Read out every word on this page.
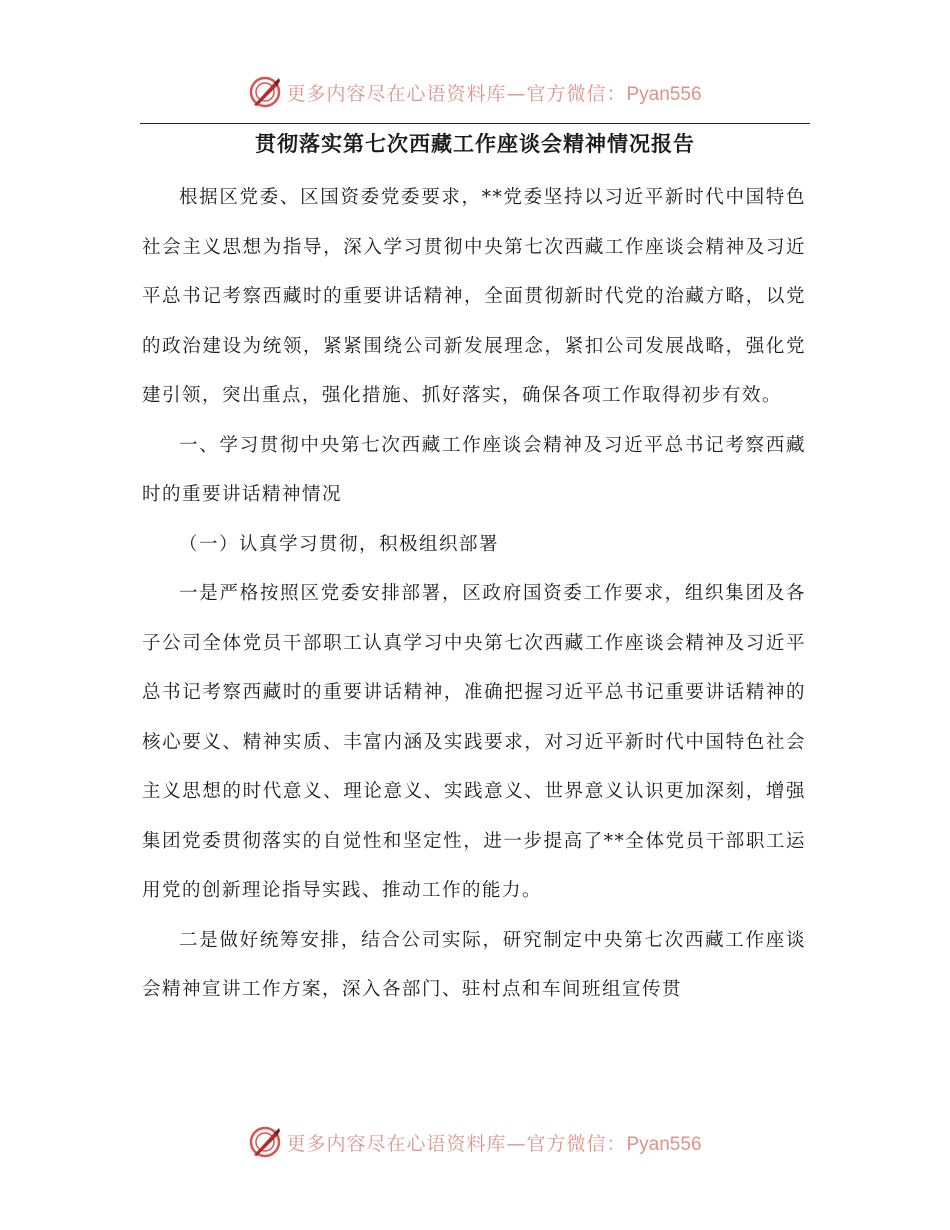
更多内容尽在心语资料库—官方微信：Pyan556
贯彻落实第七次西藏工作座谈会精神情况报告

根据区党委、区国资委党委要求，**党委坚持以习近平新时代中国特色社会主义思想为指导，深入学习贯彻中央第七次西藏工作座谈会精神及习近平总书记考察西藏时的重要讲话精神，全面贯彻新时代党的治藏方略，以党的政治建设为统领，紧紧围绕公司新发展理念，紧扣公司发展战略，强化党建引领，突出重点，强化措施、抓好落实，确保各项工作取得初步有效。

一、学习贯彻中央第七次西藏工作座谈会精神及习近平总书记考察西藏时的重要讲话精神情况

（一）认真学习贯彻，积极组织部署

一是严格按照区党委安排部署，区政府国资委工作要求，组织集团及各子公司全体党员干部职工认真学习中央第七次西藏工作座谈会精神及习近平总书记考察西藏时的重要讲话精神，准确把握习近平总书记重要讲话精神的核心要义、精神实质、丰富内涵及实践要求，对习近平新时代中国特色社会主义思想的时代意义、理论意义、实践意义、世界意义认识更加深刻，增强集团党委贯彻落实的自觉性和坚定性，进一步提高了**全体党员干部职工运用党的创新理论指导实践、推动工作的能力。

二是做好统筹安排，结合公司实际，研究制定中央第七次西藏工作座谈会精神宣讲工作方案，深入各部门、驻村点和车间班组宣传贯

更多内容尽在心语资料库—官方微信：Pyan556
